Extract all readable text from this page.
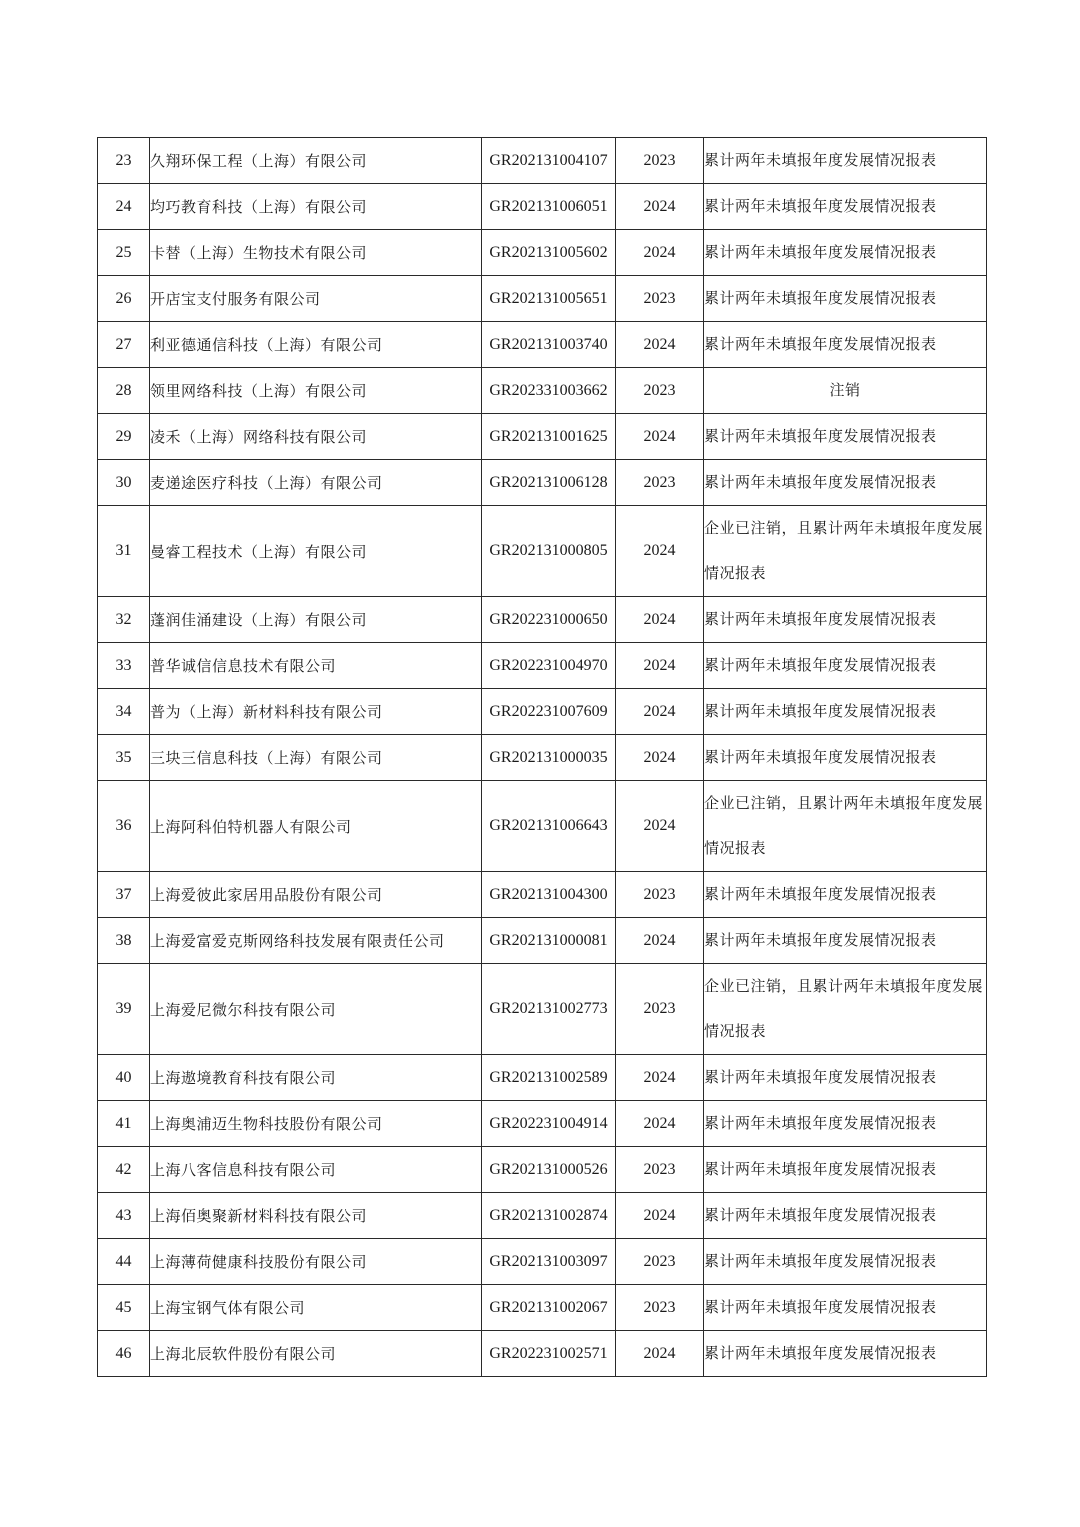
23	久翔环保工程（上海）有限公司	GR202131004107	2023	累计两年未填报年度发展情况报表
24	均巧教育科技（上海）有限公司	GR202131006051	2024	累计两年未填报年度发展情况报表
25	卡替（上海）生物技术有限公司	GR202131005602	2024	累计两年未填报年度发展情况报表
26	开店宝支付服务有限公司	GR202131005651	2023	累计两年未填报年度发展情况报表
27	利亚德通信科技（上海）有限公司	GR202131003740	2024	累计两年未填报年度发展情况报表
28	领里网络科技（上海）有限公司	GR202331003662	2023	注销
29	凌禾（上海）网络科技有限公司	GR202131001625	2024	累计两年未填报年度发展情况报表
30	麦递途医疗科技（上海）有限公司	GR202131006128	2023	累计两年未填报年度发展情况报表
31	曼睿工程技术（上海）有限公司	GR202131000805	2024	企业已注销，且累计两年未填报年度发展情况报表
32	蓬润佳涌建设（上海）有限公司	GR202231000650	2024	累计两年未填报年度发展情况报表
33	普华诚信信息技术有限公司	GR202231004970	2024	累计两年未填报年度发展情况报表
34	普为（上海）新材料科技有限公司	GR202231007609	2024	累计两年未填报年度发展情况报表
35	三块三信息科技（上海）有限公司	GR202131000035	2024	累计两年未填报年度发展情况报表
36	上海阿科伯特机器人有限公司	GR202131006643	2024	企业已注销，且累计两年未填报年度发展情况报表
37	上海爱彼此家居用品股份有限公司	GR202131004300	2023	累计两年未填报年度发展情况报表
38	上海爱富爱克斯网络科技发展有限责任公司	GR202131000081	2024	累计两年未填报年度发展情况报表
39	上海爱尼微尔科技有限公司	GR202131002773	2023	企业已注销，且累计两年未填报年度发展情况报表
40	上海遨境教育科技有限公司	GR202131002589	2024	累计两年未填报年度发展情况报表
41	上海奥浦迈生物科技股份有限公司	GR202231004914	2024	累计两年未填报年度发展情况报表
42	上海八客信息科技有限公司	GR202131000526	2023	累计两年未填报年度发展情况报表
43	上海佰奥聚新材料科技有限公司	GR202131002874	2024	累计两年未填报年度发展情况报表
44	上海薄荷健康科技股份有限公司	GR202131003097	2023	累计两年未填报年度发展情况报表
45	上海宝钢气体有限公司	GR202131002067	2023	累计两年未填报年度发展情况报表
46	上海北辰软件股份有限公司	GR202231002571	2024	累计两年未填报年度发展情况报表
